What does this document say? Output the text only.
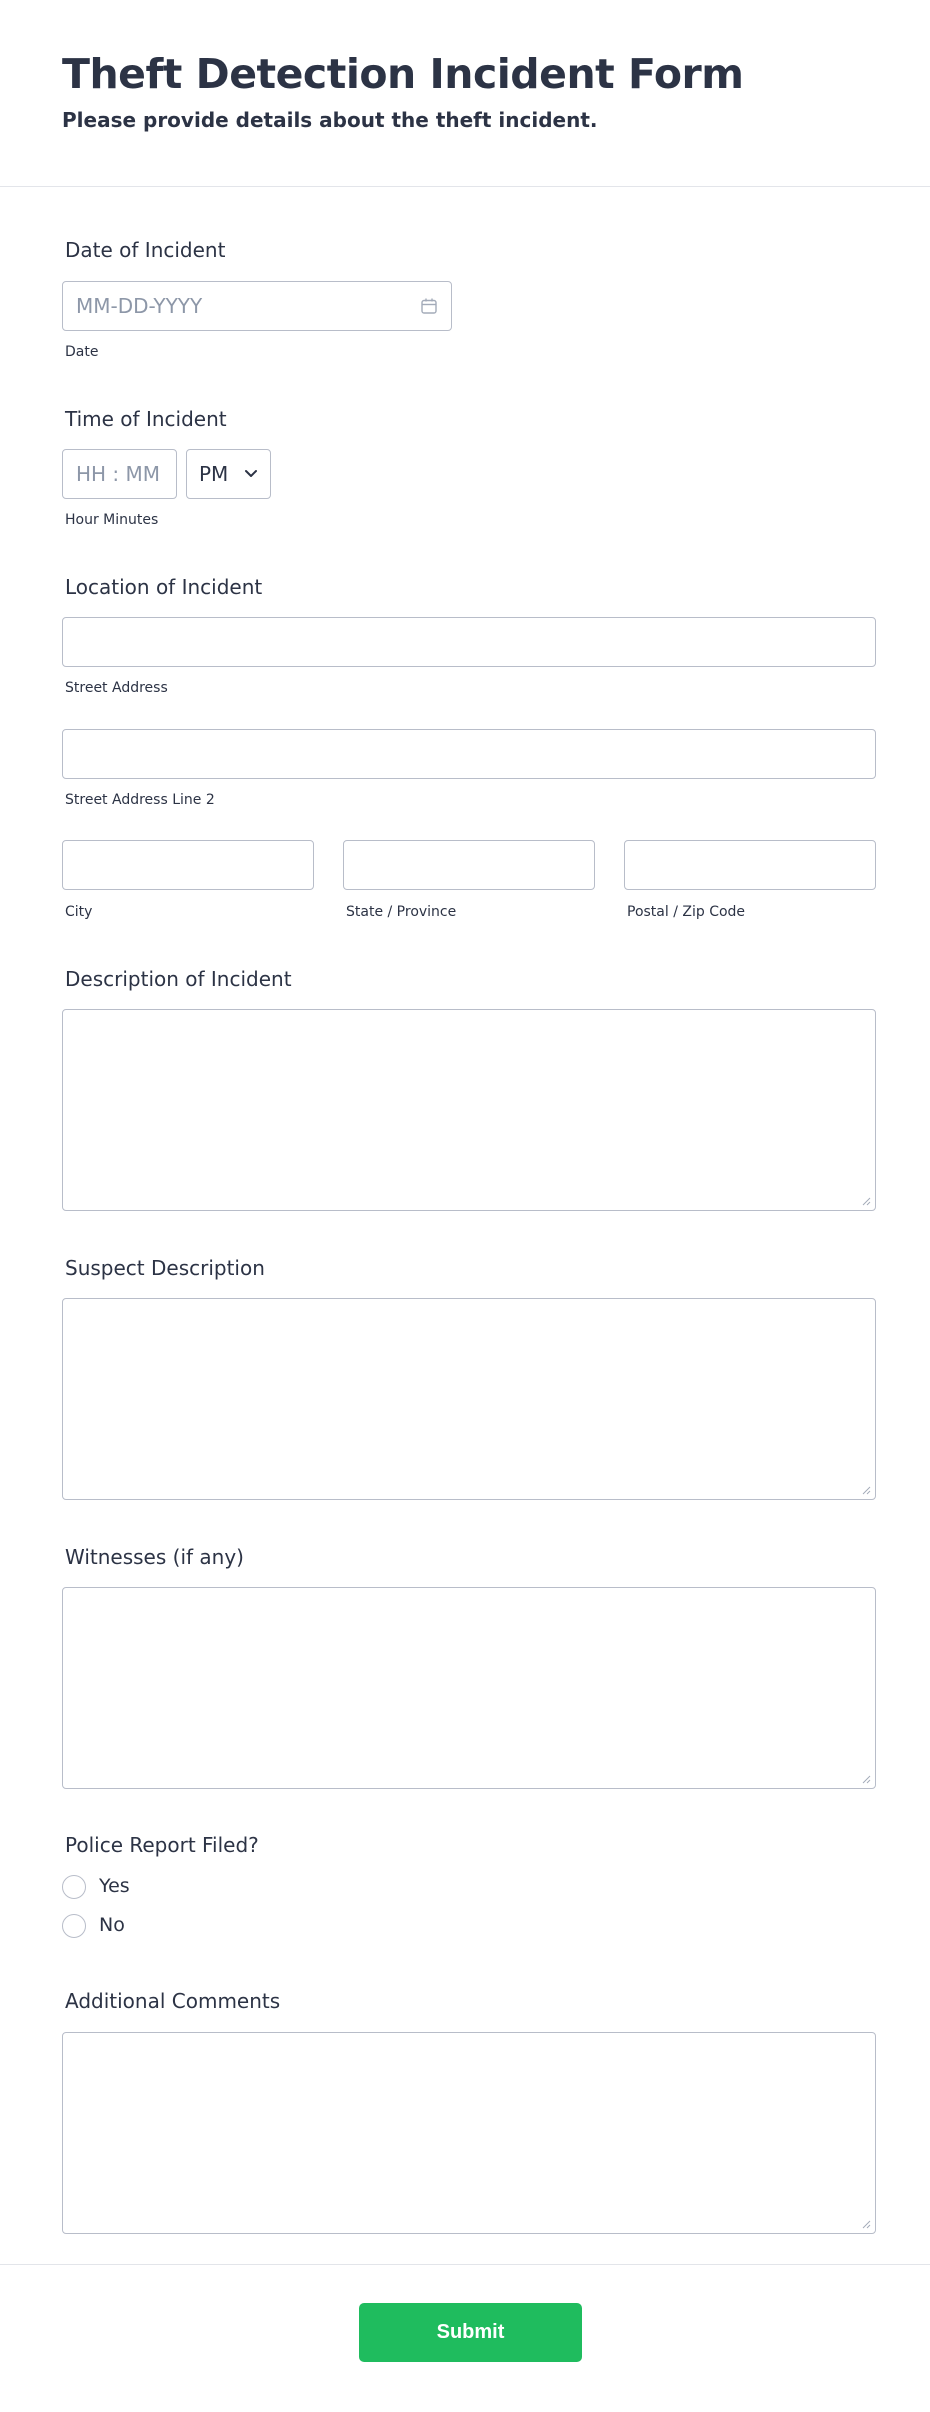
Theft Detection Incident Form
Please provide details about the theft incident.
Date of Incident
MM-DD-YYYY
Date
Time of Incident
HH : MM PM
Hour Minutes
Location of Incident
Street Address
Street Address Line 2
City	State / Province	Postal / Zip Code
Description of Incident
Suspect Description
Witnesses (if any)
Police Report Filed?
Yes
No
Additional Comments
Submit
